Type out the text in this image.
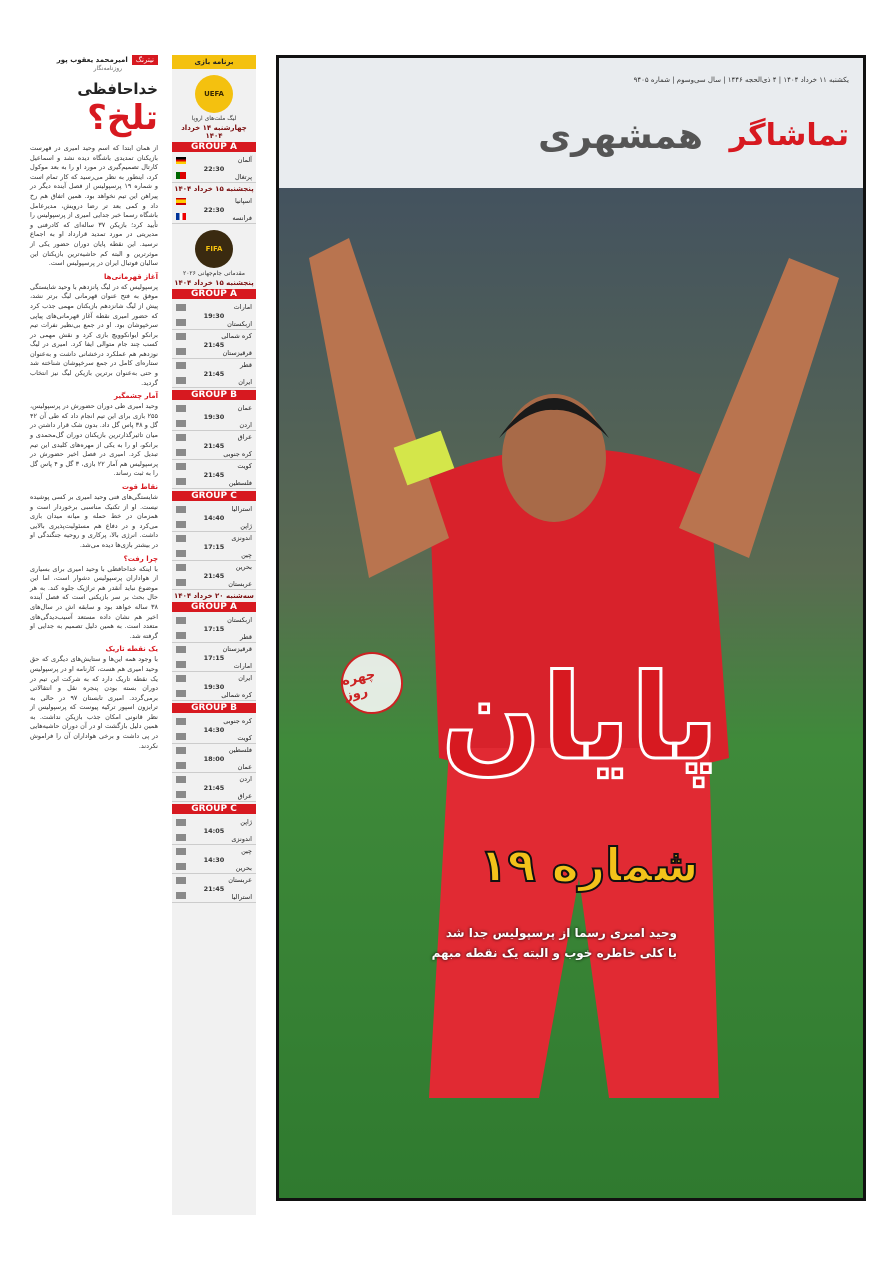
امیرمحمد یعقوب پور	نیترنگ
روزنامه‌نگار
خداحافظی
تلخ؟

از همان ابتدا که اسم وحید امیری در فهرست بازیکنان تمدیدی باشگاه دیده نشد و اسماعیل کارتال تصمیم‌گیری در مورد او را به بعد موکول کرد، اینطور به نظر می‌رسید که کار تمام است و شماره ۱۹ پرسپولیس از فصل آینده دیگر در پیراهن این تیم نخواهد بود. همین اتفاق هم رخ داد و کمی بعد تر رضا درویش، مدیرعامل باشگاه رسما خبر جدایی امیری از پرسپولیس را تأیید کرد؛ بازیکن ۳۷ ساله‌ای که کادرفنی و مدیریتی در مورد تمدید قرارداد او به اجماع نرسید. این نقطه پایان دوران حضور یکی از موثرترین و البته کم حاشیه‌ترین بازیکنان این سالیان فوتبال ایران در پرسپولیس است.

آغاز قهرمانی‌ها

پرسپولیس که در لیگ پانزدهم با وحید شایستگی موفق به فتح عنوان قهرمانی لیگ برتر نشد، پیش از لیگ شانزدهم بازیکنان مهمی جذب کرد که حضور امیری نقطه آغاز قهرمانی‌های پیاپی سرخپوشان بود. او در جمع بی‌نظیر نفرات تیم برانکو ایوانکوویچ بازی کرد و نقش مهمی در کسب چند جام متوالی ایفا کرد. امیری در لیگ نوزدهم هم عملکرد درخشانی داشت و به‌عنوان ستاره‌ای کامل در جمع سرخپوشان شناخته شد و حتی به‌عنوان برترین بازیکن لیگ نیز انتخاب گردید.

آمار چشمگیر

وحید امیری طی دوران حضورش در پرسپولیس، ۲۵۵ بازی برای این تیم انجام داد که طی آن ۴۲ گل و ۳۸ پاس گل داد. بدون شک قرار داشتن در میان تاثیرگذارترین بازیکنان دوران گل‌محمدی و برانکو، او را به یکی از مهره‌های کلیدی این تیم تبدیل کرد. امیری در فصل اخیر حضورش در پرسپولیس هم آمار ۲۲ بازی، ۳ گل و ۴ پاس گل را به ثبت رساند.

نقاط قوت

شایستگی‌های فنی وحید امیری بر کسی پوشیده نیست. او از تکنیک مناسبی برخوردار است و همزمان در خط حمله و میانه میدان بازی می‌کرد و در دفاع هم مسئولیت‌پذیری بالایی داشت. انرژی بالا، پرکاری و روحیه جنگندگی او در بیشتر بازی‌ها دیده می‌شد.

چرا رفت؟

با اینکه خداحافظی با وحید امیری برای بسیاری از هواداران پرسپولیس دشوار است، اما این موضوع نباید آنقدر هم تراژیک جلوه کند. به هر حال بحث بر سر بازیکنی است که فصل آینده ۳۸ ساله خواهد بود و سابقه اش در سال‌های اخیر هم نشان داده مستعد آسیب‌دیدگی‌های متعدد است. به همین دلیل تصمیم به جدایی او گرفته شد.

یک نقطه تاریک

با وجود همه این‌ها و ستایش‌های دیگری که حق وحید امیری هم هست، کارنامه او در پرسپولیس یک نقطه تاریک دارد که به شرکت این تیم در دوران بسته بودن پنجره نقل و انتقالاتی برمی‌گردد. امیری تابستان ۹۷ در حالی به ترابزون اسپور ترکیه پیوست که پرسپولیس از نظر قانونی امکان جذب بازیکن نداشت. به همین دلیل بازگشت او در آن دوران حاشیه‌هایی در پی داشت و برخی هواداران آن را فراموش نکردند.

برنامه بازی
UEFA
لیگ ملت‌های اروپا
چهارشنبه ۱۴ خرداد ۱۴۰۴
GROUP A
آلمان
22:30
پرتغال
پنجشنبه ۱۵ خرداد ۱۴۰۴
اسپانیا
22:30
فرانسه
FIFA
مقدماتی جام‌جهانی ۲۰۲۶
پنجشنبه ۱۵ خرداد ۱۴۰۴
GROUP A
امارات
19:30
ازبکستان
کره شمالی
21:45
قرقیزستان
قطر
21:45
ایران
GROUP B
عمان
19:30
اردن
عراق
21:45
کره جنوبی
کویت
21:45
فلسطین
GROUP C
استرالیا
14:40
ژاپن
اندونزی
17:15
چین
بحرین
21:45
عربستان
سه‌شنبه ۲۰ خرداد ۱۴۰۴
GROUP A
ازبکستان
17:15
قطر
قرقیزستان
17:15
امارات
ایران
19:30
کره شمالی
GROUP B
کره جنوبی
14:30
کویت
فلسطین
18:00
عمان
اردن
21:45
عراق
GROUP C
ژاپن
14:05
اندونزی
چین
14:30
بحرین
عربستان
21:45
استرالیا
یکشنبه ۱۱ خرداد ۱۴۰۴ | ۴ ذی‌الحجه ۱۴۴۶ | سال سی‌وسوم | شماره ۹۴۰۵
همشهری تماشاگر
چهره روز پایان
شماره ۱۹
وحید امیری رسما از پرسپولیس جدا شد
با کلی خاطره خوب و البته یک نقطه مبهم
